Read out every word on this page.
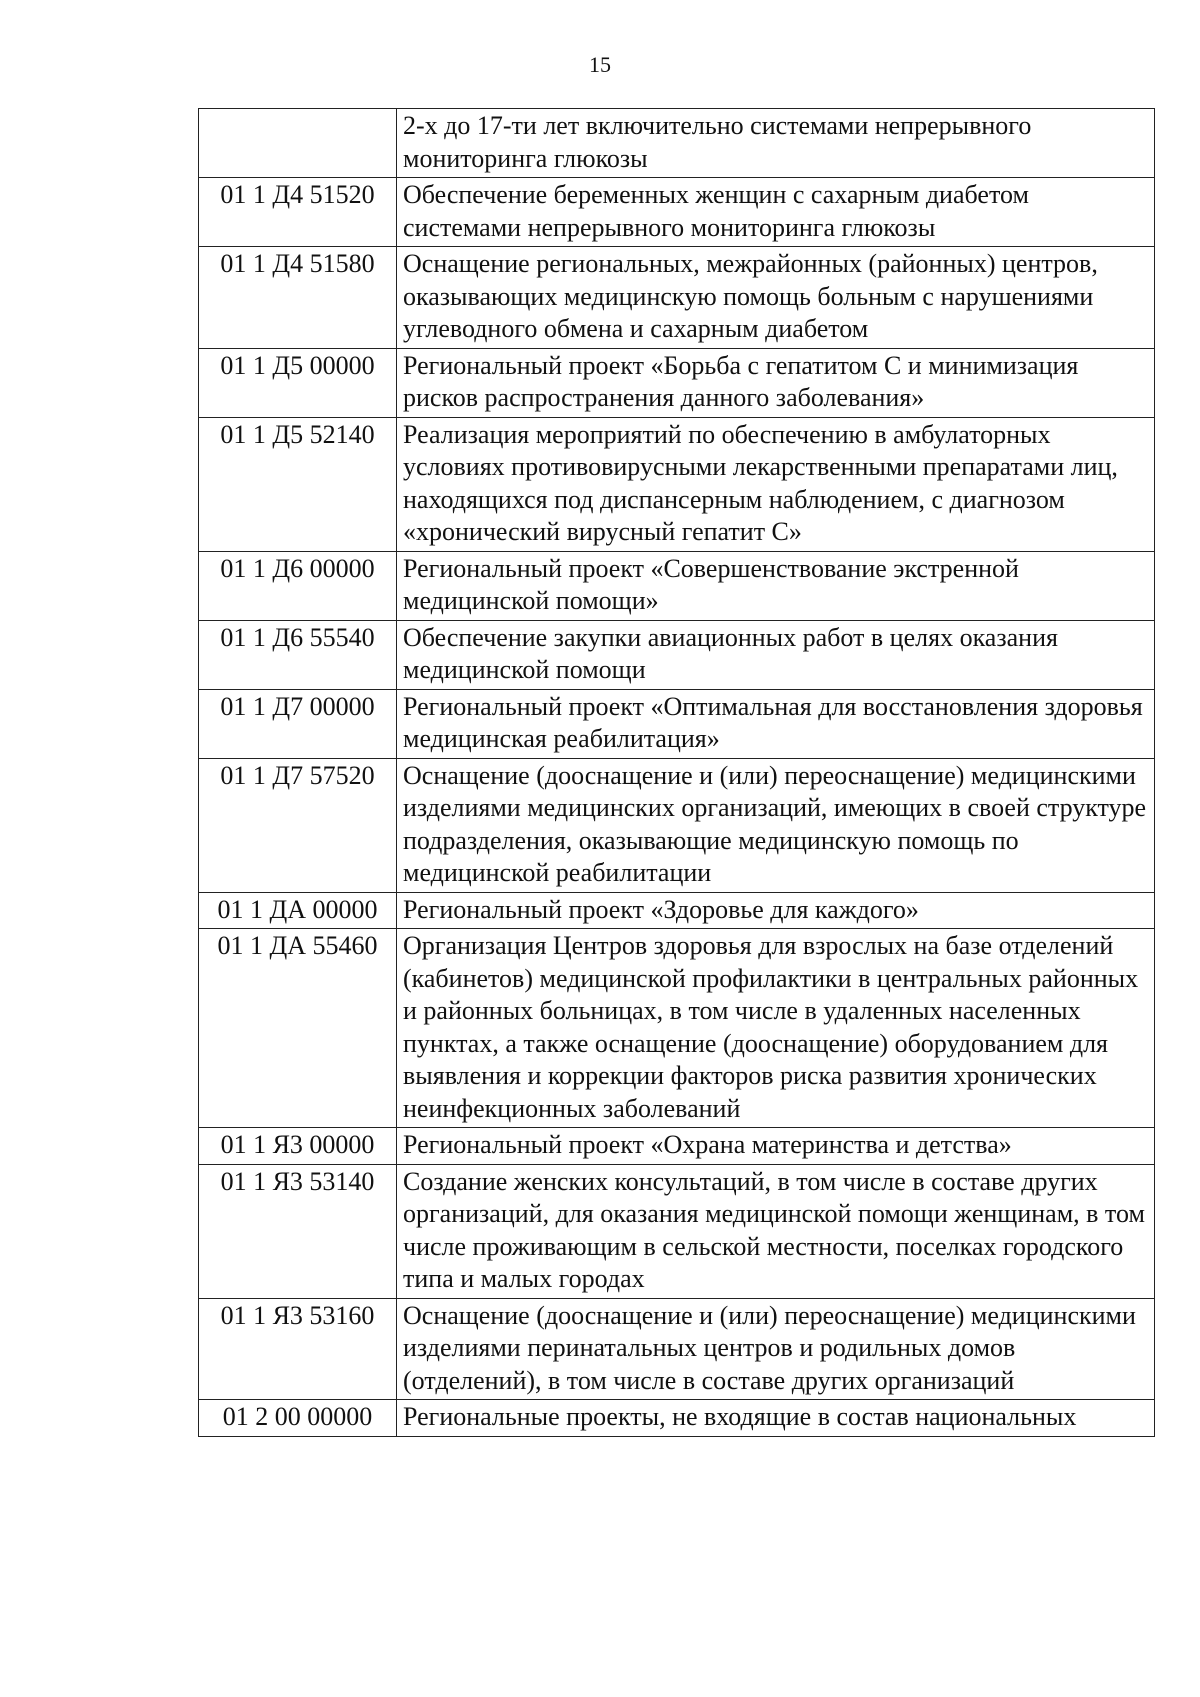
15
	2-х до 17-ти лет включительно системами непрерывного мониторинга глюкозы
01 1 Д4 51520	Обеспечение беременных женщин с сахарным диабетом системами непрерывного мониторинга глюкозы
01 1 Д4 51580	Оснащение региональных, межрайонных (районных) центров, оказывающих медицинскую помощь больным с нарушениями углеводного обмена и сахарным диабетом
01 1 Д5 00000	Региональный проект «Борьба с гепатитом С и минимизация рисков распространения данного заболевания»
01 1 Д5 52140	Реализация мероприятий по обеспечению в амбулаторных условиях противовирусными лекарственными препаратами лиц, находящихся под диспансерным наблюдением, с диагнозом «хронический вирусный гепатит С»
01 1 Д6 00000	Региональный проект «Совершенствование экстренной медицинской помощи»
01 1 Д6 55540	Обеспечение закупки авиационных работ в целях оказания медицинской помощи
01 1 Д7 00000	Региональный проект «Оптимальная для восстановления здоровья медицинская реабилитация»
01 1 Д7 57520	Оснащение (дооснащение и (или) переоснащение) медицинскими изделиями медицинских организаций, имеющих в своей структуре подразделения, оказывающие медицинскую помощь по медицинской реабилитации
01 1 ДА 00000	Региональный проект «Здоровье для каждого»
01 1 ДА 55460	Организация Центров здоровья для взрослых на базе отделений (кабинетов) медицинской профилактики в центральных районных и районных больницах, в том числе в удаленных населенных пунктах, а также оснащение (дооснащение) оборудованием для выявления и коррекции факторов риска развития хронических неинфекционных заболеваний
01 1 Я3 00000	Региональный проект «Охрана материнства и детства»
01 1 Я3 53140	Создание женских консультаций, в том числе в составе других организаций, для оказания медицинской помощи женщинам, в том числе проживающим в сельской местности, поселках городского типа и малых городах
01 1 Я3 53160	Оснащение (дооснащение и (или) переоснащение) медицинскими изделиями перинатальных центров и родильных домов (отделений), в том числе в составе других организаций
01 2 00 00000	Региональные проекты, не входящие в состав национальных
